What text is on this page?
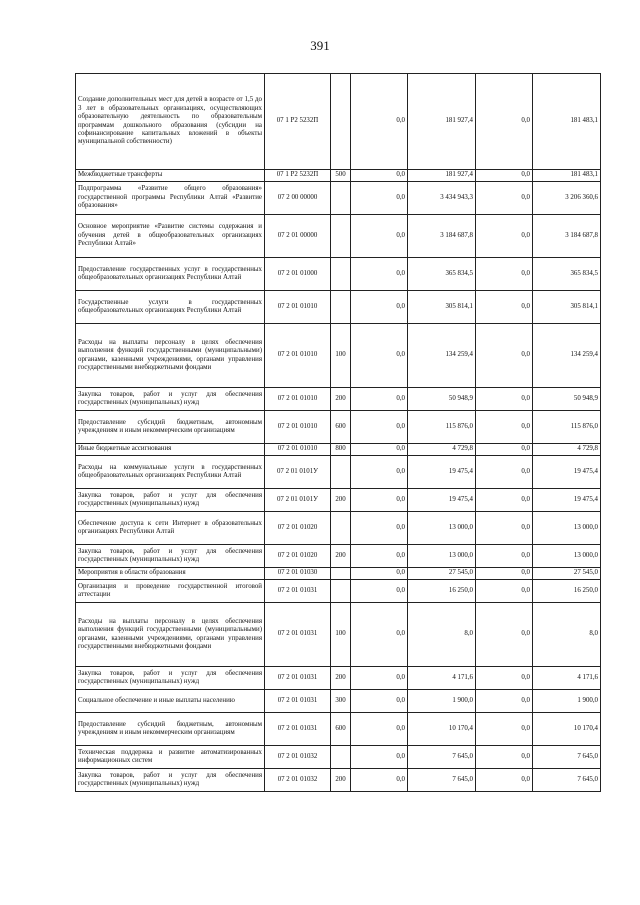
391
Создание дополнительных мест для детей в возрасте от 1,5 до 3 лет в образовательных организациях, осуществляющих образовательную деятельность по образовательным программам дошкольного образования (субсидии на софинансирование капитальных вложений в объекты муниципальной собственности)	07 1 P2 5232П		0,0	181 927,4	0,0	181 483,1
Межбюджетные трансферты	07 1 P2 5232П	500	0,0	181 927,4	0,0	181 483,1
Подпрограмма «Развитие общего образования» государственной программы Республики Алтай «Развитие образования»	07 2 00 00000		0,0	3 434 943,3	0,0	3 206 360,6
Основное мероприятие «Развитие системы содержания и обучения детей в общеобразовательных организациях Республики Алтай»	07 2 01 00000		0,0	3 184 687,8	0,0	3 184 687,8
Предоставление государственных услуг в государственных общеобразовательных организациях Республики Алтай	07 2 01 01000		0,0	365 834,5	0,0	365 834,5
Государственные услуги в государственных общеобразовательных организациях Республики Алтай	07 2 01 01010		0,0	305 814,1	0,0	305 814,1
Расходы на выплаты персоналу в целях обеспечения выполнения функций государственными (муниципальными) органами, казенными учреждениями, органами управления государственными внебюджетными фондами	07 2 01 01010	100	0,0	134 259,4	0,0	134 259,4
Закупка товаров, работ и услуг для обеспечения государственных (муниципальных) нужд	07 2 01 01010	200	0,0	50 948,9	0,0	50 948,9
Предоставление субсидий бюджетным, автономным учреждениям и иным некоммерческим организациям	07 2 01 01010	600	0,0	115 876,0	0,0	115 876,0
Иные бюджетные ассигнования	07 2 01 01010	800	0,0	4 729,8	0,0	4 729,8
Расходы на коммунальные услуги в государственных общеобразовательных организациях Республики Алтай	07 2 01 0101У		0,0	19 475,4	0,0	19 475,4
Закупка товаров, работ и услуг для обеспечения государственных (муниципальных) нужд	07 2 01 0101У	200	0,0	19 475,4	0,0	19 475,4
Обеспечение доступа к сети Интернет в образовательных организациях Республики Алтай	07 2 01 01020		0,0	13 000,0	0,0	13 000,0
Закупка товаров, работ и услуг для обеспечения государственных (муниципальных) нужд	07 2 01 01020	200	0,0	13 000,0	0,0	13 000,0
Мероприятия в области образования	07 2 01 01030		0,0	27 545,0	0,0	27 545,0
Организация и проведение государственной итоговой аттестации	07 2 01 01031		0,0	16 250,0	0,0	16 250,0
Расходы на выплаты персоналу в целях обеспечения выполнения функций государственными (муниципальными) органами, казенными учреждениями, органами управления государственными внебюджетными фондами	07 2 01 01031	100	0,0	8,0	0,0	8,0
Закупка товаров, работ и услуг для обеспечения государственных (муниципальных) нужд	07 2 01 01031	200	0,0	4 171,6	0,0	4 171,6
Социальное обеспечение и иные выплаты населению	07 2 01 01031	300	0,0	1 900,0	0,0	1 900,0
Предоставление субсидий бюджетным, автономным учреждениям и иным некоммерческим организациям	07 2 01 01031	600	0,0	10 170,4	0,0	10 170,4
Техническая поддержка и развитие автоматизированных информационных систем	07 2 01 01032		0,0	7 645,0	0,0	7 645,0
Закупка товаров, работ и услуг для обеспечения государственных (муниципальных) нужд	07 2 01 01032	200	0,0	7 645,0	0,0	7 645,0
